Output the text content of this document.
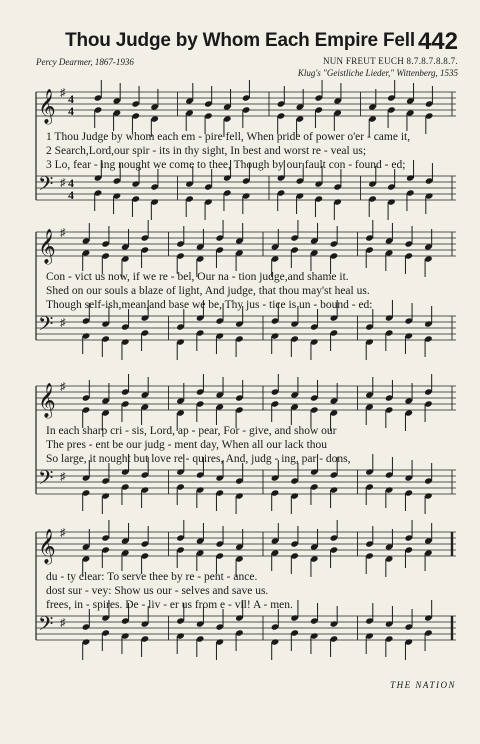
Thou Judge by Whom Each Empire Fell 442
Percy Dearmer, 1867-1936	NUN FREUT EUCH 8.7.8.7.8.8.7.
Klug's "Geistliche Lieder," Wittenberg, 1535
𝄞
𝄢
♯
♯
4
4
4
4
1 Thou Judge by whom each em - pire fell, When pride of power o'er - came it,
2 Search,Lord,our spir - its in thy sight, In best and worst re - veal us;
3 Lo, fear - ing nought we come to thee, Though by our fault con - found - ed;
𝄞
𝄢
♯
♯
Con - vict us now, if we re - bel, Our na - tion judge,and shame it.
Shed on our souls a blaze of light, And judge, that thou may'st heal us.
Though self-ish,mean,and base we be, Thy jus - tice is un - bound - ed:
𝄞
𝄢
♯
♯
In each sharp cri - sis, Lord, ap - pear, For - give, and show our
The pres - ent be our judg - ment day, When all our lack thou
So large, it nought but love re - quires, And, judg - ing, par - dons,
𝄞
𝄢
♯
♯
du - ty clear: To serve thee by re - pent - ance.
dost sur - vey: Show us our - selves and save us.
frees, in - spires. De - liv - er us from e - vil! A - men.
THE NATION
